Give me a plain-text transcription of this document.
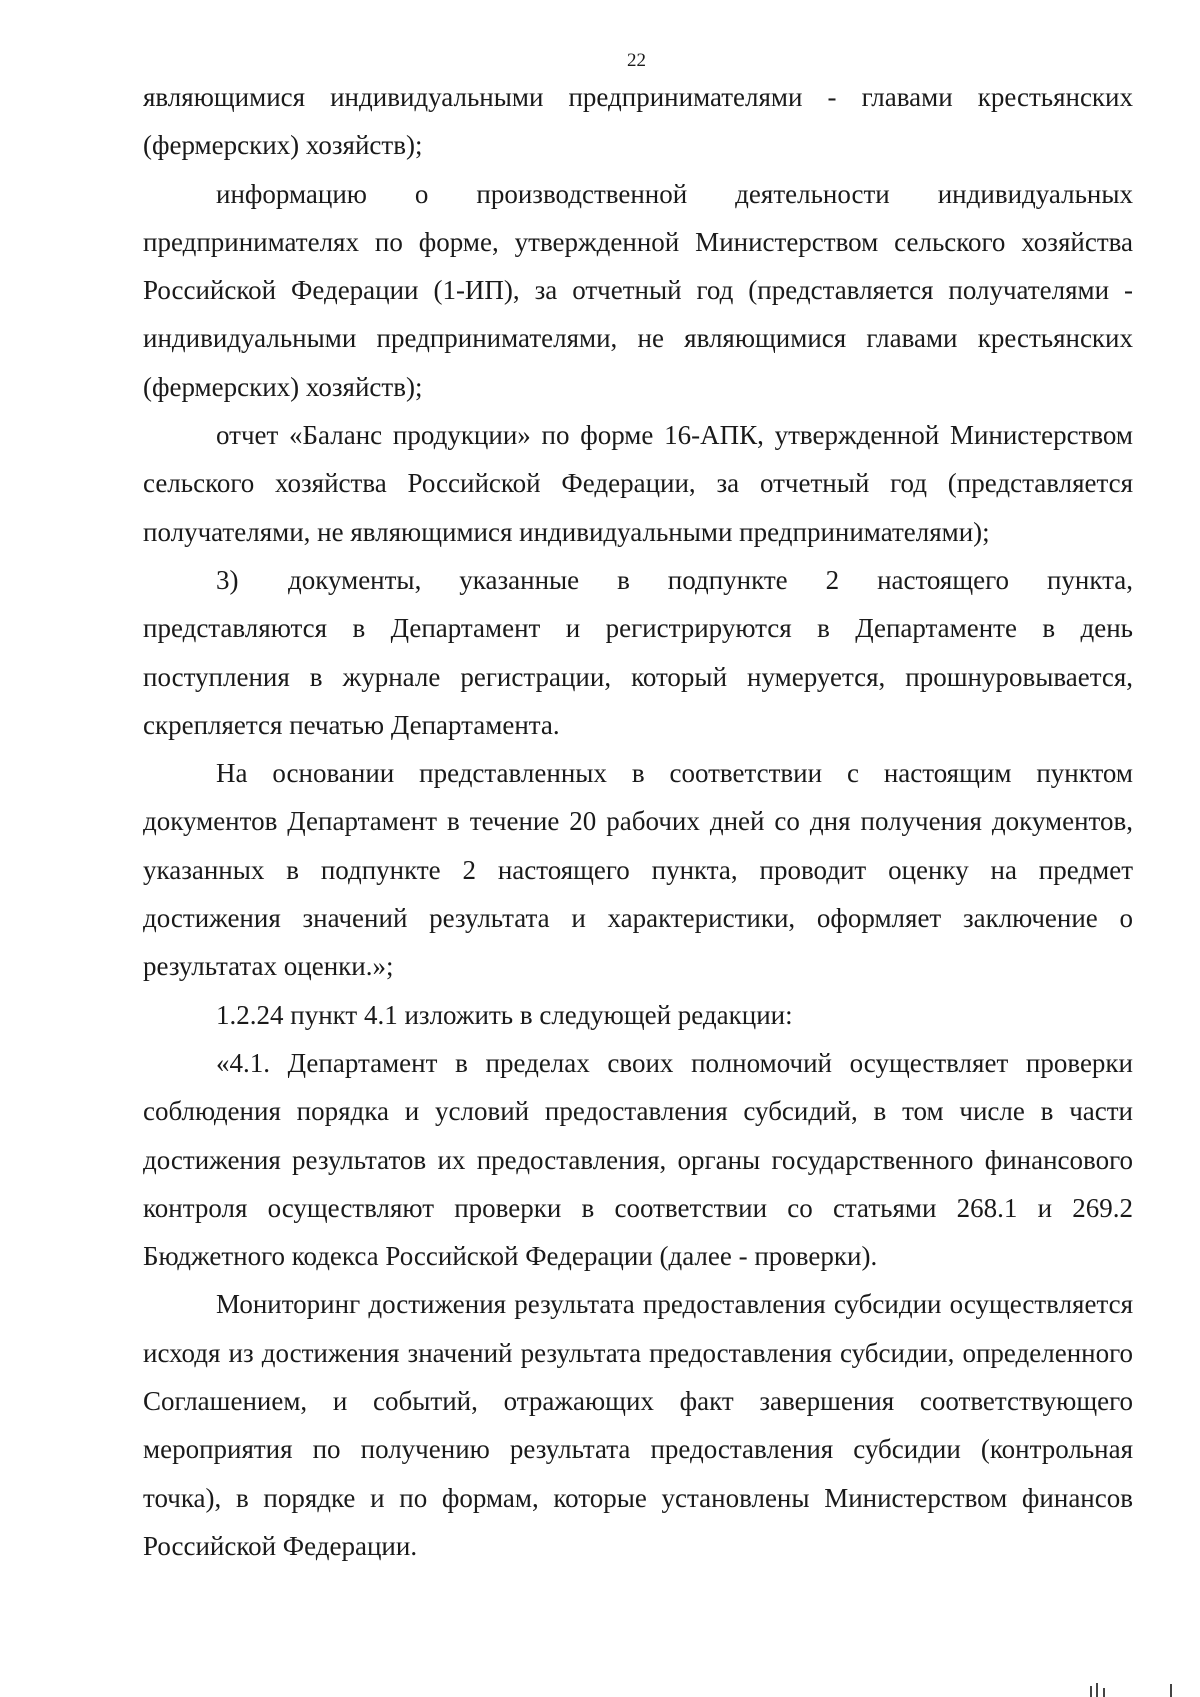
22

являющимися индивидуальными предпринимателями - главами крестьянских (фермерских) хозяйств);

информацию о производственной деятельности индивидуальных предпринимателях по форме, утвержденной Министерством сельского хозяйства Российской Федерации (1-ИП), за отчетный год (представляется получателями - индивидуальными предпринимателями, не являющимися главами крестьянских (фермерских) хозяйств);

отчет «Баланс продукции» по форме 16-АПК, утвержденной Министерством сельского хозяйства Российской Федерации, за отчетный год (представляется получателями, не являющимися индивидуальными предпринимателями);

3) документы, указанные в подпункте 2 настоящего пункта, представляются в Департамент и регистрируются в Департаменте в день поступления в журнале регистрации, который нумеруется, прошнуровывается, скрепляется печатью Департамента.

На основании представленных в соответствии с настоящим пунктом документов Департамент в течение 20 рабочих дней со дня получения документов, указанных в подпункте 2 настоящего пункта, проводит оценку на предмет достижения значений результата и характеристики, оформляет заключение о результатах оценки.»;

1.2.24 пункт 4.1 изложить в следующей редакции:

«4.1. Департамент в пределах своих полномочий осуществляет проверки соблюдения порядка и условий предоставления субсидий, в том числе в части достижения результатов их предоставления, органы государственного финансового контроля осуществляют проверки в соответствии со статьями 268.1 и 269.2 Бюджетного кодекса Российской Федерации (далее - проверки).

Мониторинг достижения результата предоставления субсидии осуществляется исходя из достижения значений результата предоставления субсидии, определенного Соглашением, и событий, отражающих факт завершения соответствующего мероприятия по получению результата предоставления субсидии (контрольная точка), в порядке и по формам, которые установлены Министерством финансов Российской Федерации.
